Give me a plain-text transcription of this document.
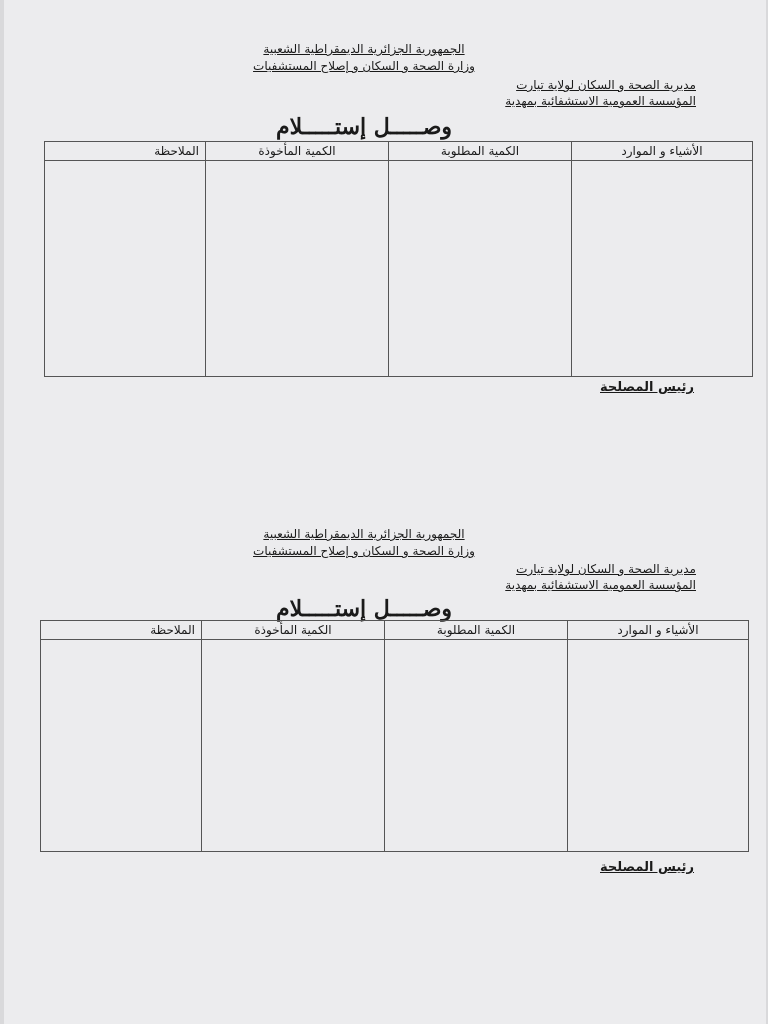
الجمهورية الجزائرية الديمقراطية الشعبية
وزارة الصحة و السكان و إصلاح المستشفيات
مديرية الصحة و السكان لولاية تيارت
المؤسسة العمومية الاستشفائية بمهدية
وصـــــل إستـــــلام
الأشياء و الموارد	الكمية المطلوبة	الكمية المأخوذة	الملاحظة

رئيس المصلحة
الجمهورية الجزائرية الديمقراطية الشعبية
وزارة الصحة و السكان و إصلاح المستشفيات
مديرية الصحة و السكان لولاية تيارت
المؤسسة العمومية الاستشفائية بمهدية
وصـــــل إستـــــلام
الأشياء و الموارد	الكمية المطلوبة	الكمية المأخوذة	الملاحظة

رئيس المصلحة
